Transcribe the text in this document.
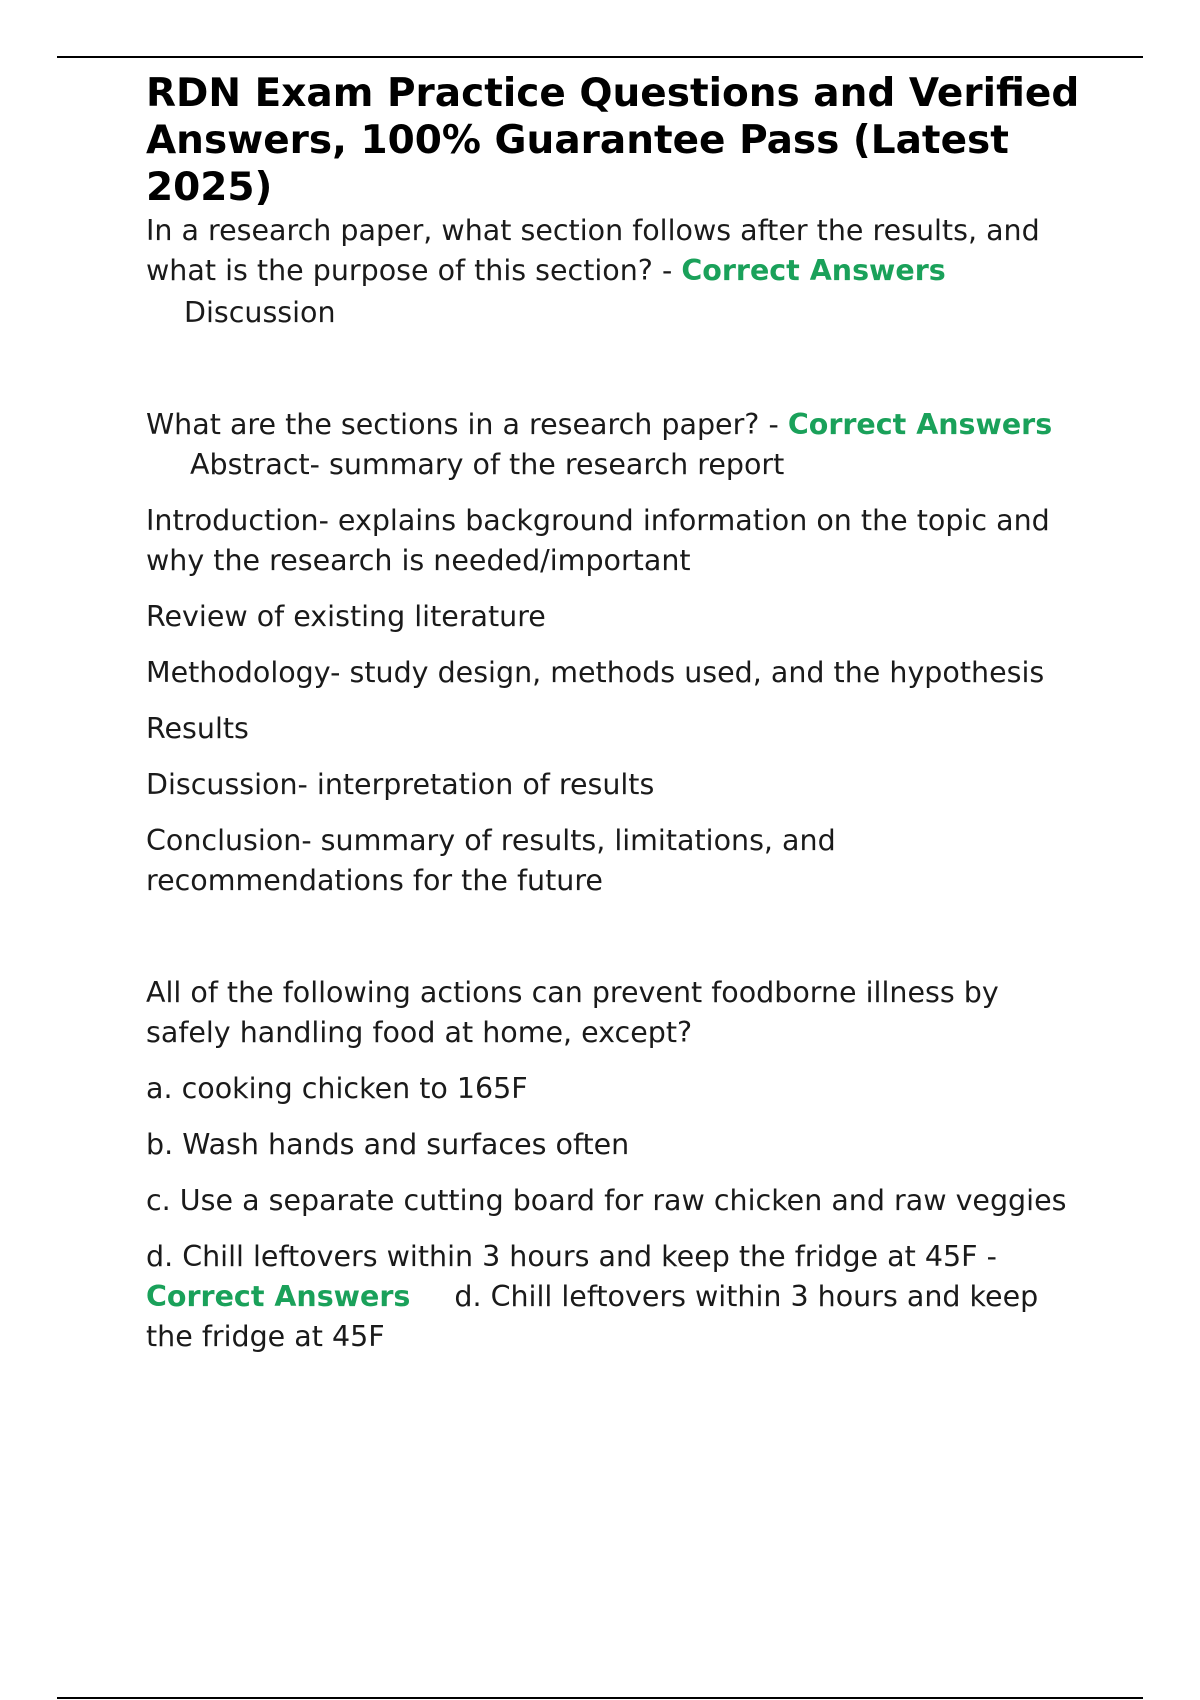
RDN Exam Practice Questions and Verified Answers, 100% Guarantee Pass (Latest 2025)

In a research paper, what section follows after the results, and what is the purpose of this section? - Correct Answers

Discussion

What are the sections in a research paper? - Correct AnswersAbstract- summary of the research report

Introduction- explains background information on the topic and why the research is needed/important

Review of existing literature

Methodology- study design, methods used, and the hypothesis

Results

Discussion- interpretation of results

Conclusion- summary of results, limitations, and recommendations for the future

All of the following actions can prevent foodborne illness by safely handling food at home, except?

a. cooking chicken to 165F

b. Wash hands and surfaces often

c. Use a separate cutting board for raw chicken and raw veggies

d. Chill leftovers within 3 hours and keep the fridge at 45F - Correct Answers d. Chill leftovers within 3 hours and keep the fridge at 45F
